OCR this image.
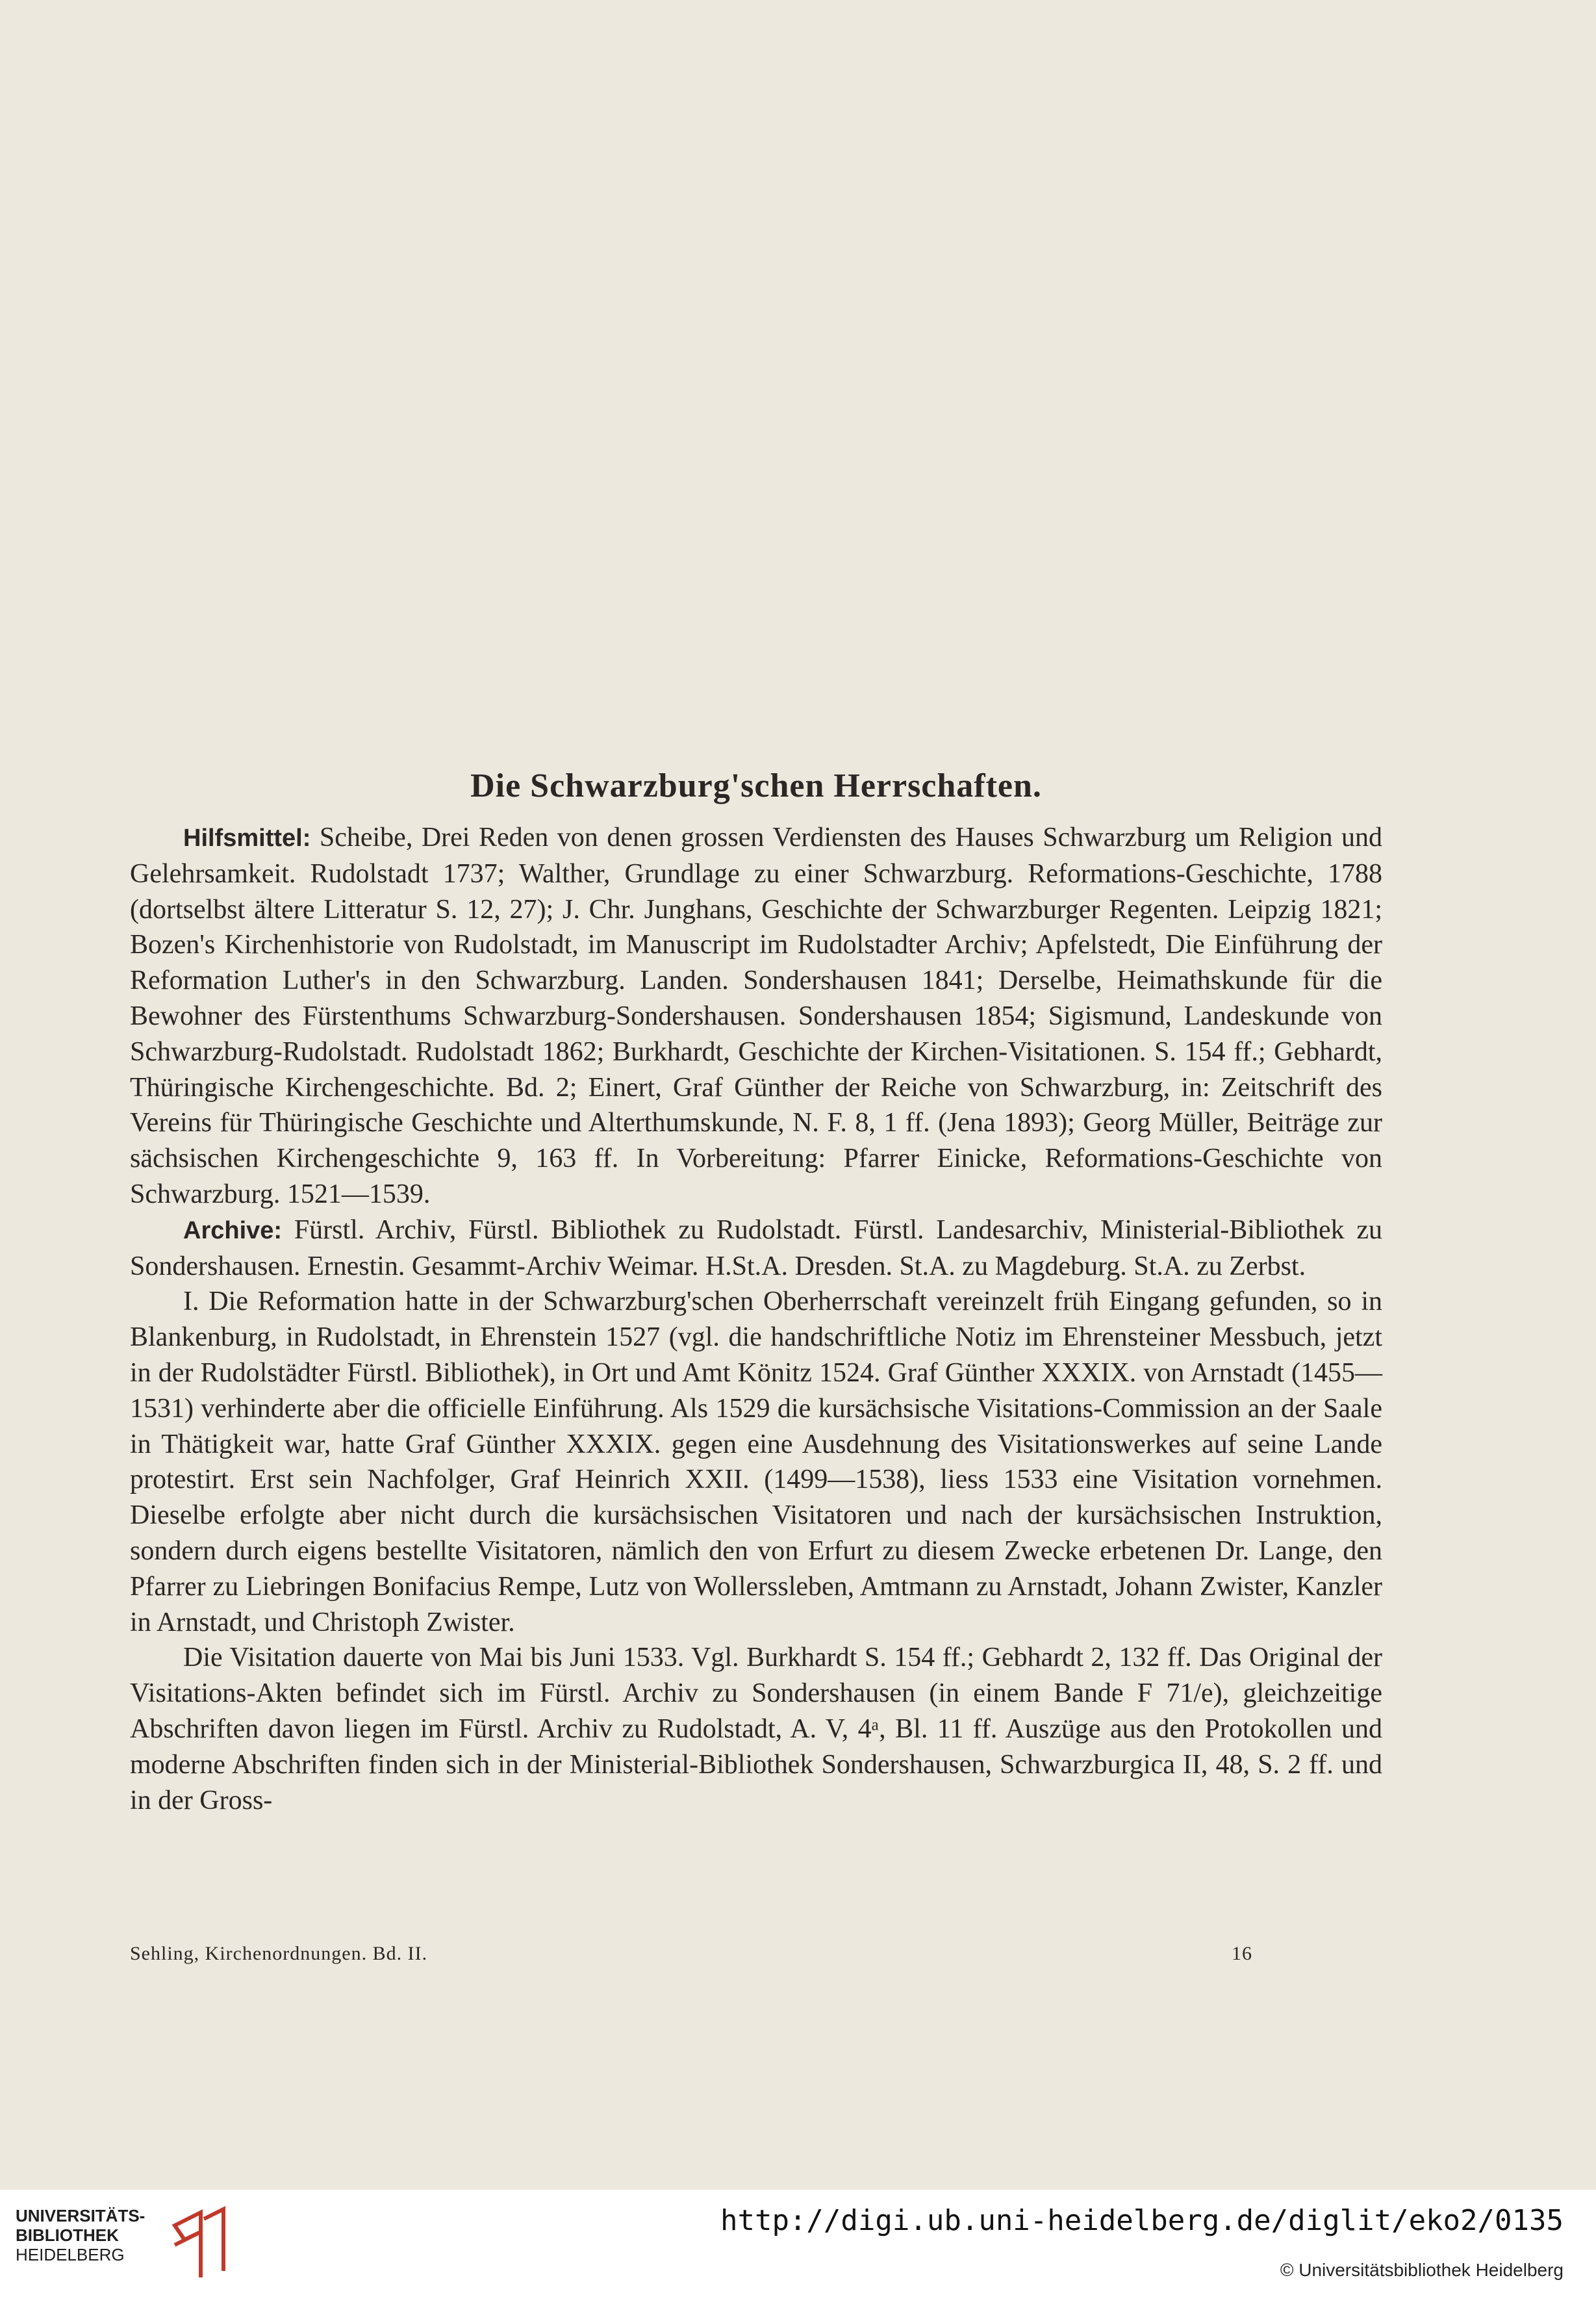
Die Schwarzburg'schen Herrschaften.

Hilfsmittel: Scheibe, Drei Reden von denen grossen Verdiensten des Hauses Schwarzburg um Religion und Gelehrsamkeit. Rudolstadt 1737; Walther, Grundlage zu einer Schwarzburg. Reformations-Geschichte, 1788 (dortselbst ältere Litteratur S. 12, 27); J. Chr. Junghans, Geschichte der Schwarzburger Regenten. Leipzig 1821; Bozen's Kirchenhistorie von Rudolstadt, im Manuscript im Rudolstadter Archiv; Apfelstedt, Die Einführung der Reformation Luther's in den Schwarzburg. Landen. Sondershausen 1841; Derselbe, Heimathskunde für die Bewohner des Fürstenthums Schwarzburg-Sondershausen. Sondershausen 1854; Sigismund, Landeskunde von Schwarzburg-Rudolstadt. Rudolstadt 1862; Burkhardt, Geschichte der Kirchen-Visitationen. S. 154 ff.; Gebhardt, Thüringische Kirchengeschichte. Bd. 2; Einert, Graf Günther der Reiche von Schwarzburg, in: Zeitschrift des Vereins für Thüringische Geschichte und Alterthumskunde, N. F. 8, 1 ff. (Jena 1893); Georg Müller, Beiträge zur sächsischen Kirchengeschichte 9, 163 ff. In Vorbereitung: Pfarrer Einicke, Reformations-Geschichte von Schwarzburg. 1521—1539.

Archive: Fürstl. Archiv, Fürstl. Bibliothek zu Rudolstadt. Fürstl. Landesarchiv, Ministerial-Bibliothek zu Sondershausen. Ernestin. Gesammt-Archiv Weimar. H.St.A. Dresden. St.A. zu Magdeburg. St.A. zu Zerbst.

I. Die Reformation hatte in der Schwarzburg'schen Oberherrschaft vereinzelt früh Eingang gefunden, so in Blankenburg, in Rudolstadt, in Ehrenstein 1527 (vgl. die handschriftliche Notiz im Ehrensteiner Messbuch, jetzt in der Rudolstädter Fürstl. Bibliothek), in Ort und Amt Könitz 1524. Graf Günther XXXIX. von Arnstadt (1455—1531) verhinderte aber die officielle Einführung. Als 1529 die kursächsische Visitations-Commission an der Saale in Thätigkeit war, hatte Graf Günther XXXIX. gegen eine Ausdehnung des Visitationswerkes auf seine Lande protestirt. Erst sein Nachfolger, Graf Heinrich XXII. (1499—1538), liess 1533 eine Visitation vornehmen. Dieselbe erfolgte aber nicht durch die kursächsischen Visitatoren und nach der kursächsischen Instruktion, sondern durch eigens bestellte Visitatoren, nämlich den von Erfurt zu diesem Zwecke erbetenen Dr. Lange, den Pfarrer zu Liebringen Bonifacius Rempe, Lutz von Wollerssleben, Amtmann zu Arnstadt, Johann Zwister, Kanzler in Arnstadt, und Christoph Zwister.

Die Visitation dauerte von Mai bis Juni 1533. Vgl. Burkhardt S. 154 ff.; Gebhardt 2, 132 ff. Das Original der Visitations-Akten befindet sich im Fürstl. Archiv zu Sondershausen (in einem Bande F 71/e), gleichzeitige Abschriften davon liegen im Fürstl. Archiv zu Rudolstadt, A. V, 4ᵃ, Bl. 11 ff. Auszüge aus den Protokollen und moderne Abschriften finden sich in der Ministerial-Bibliothek Sondershausen, Schwarzburgica II, 48, S. 2 ff. und in der Gross-

Sehling, Kirchenordnungen. Bd. II.	16
UNIVERSITÄTS-
BIBLIOTHEK
HEIDELBERG
http://digi.ub.uni-heidelberg.de/diglit/eko2/0135
© Universitätsbibliothek Heidelberg
